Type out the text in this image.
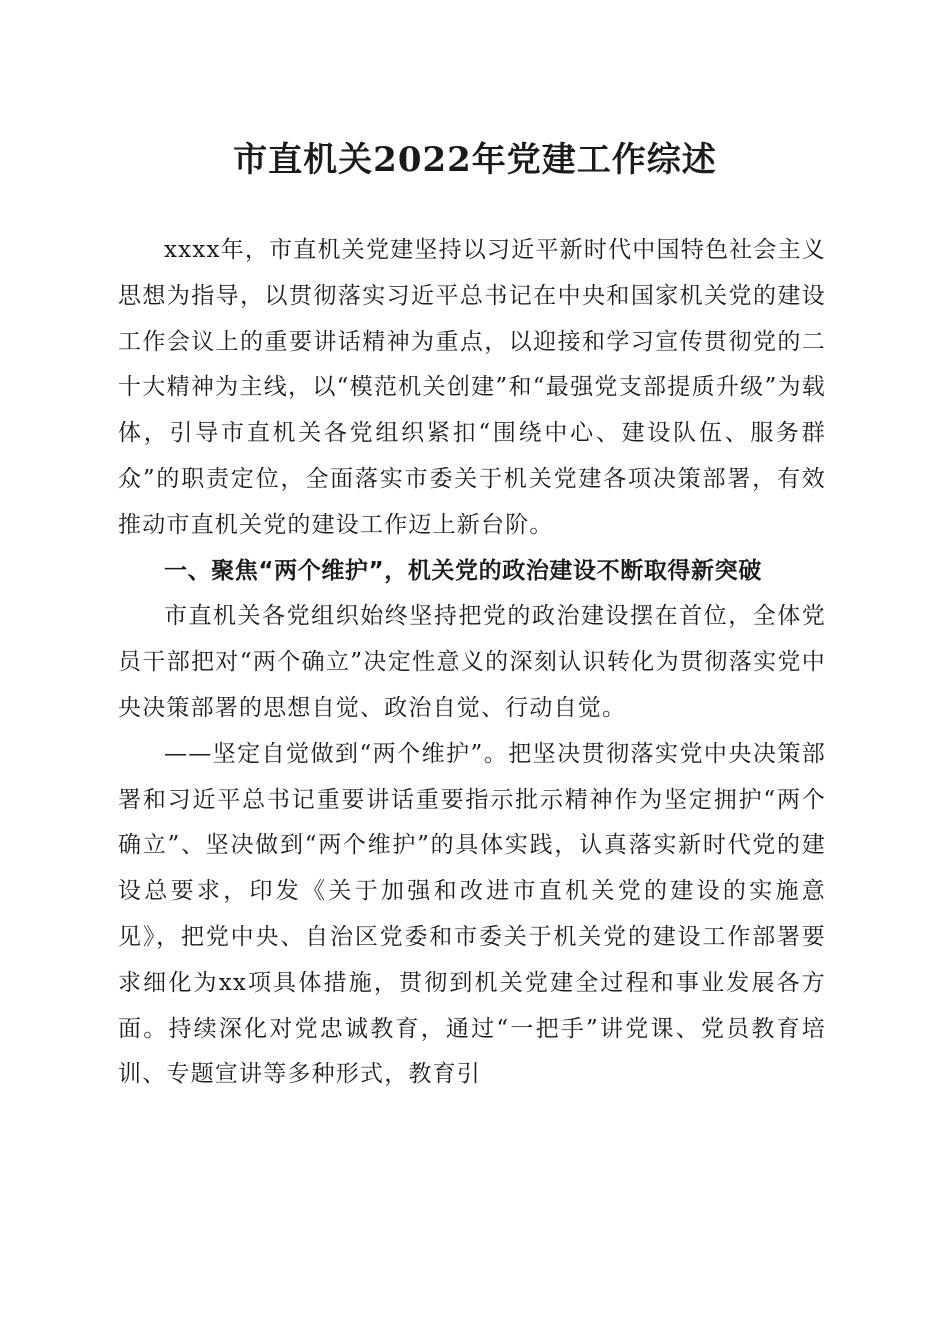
市直机关2022年党建工作综述

xxxx年，市直机关党建坚持以习近平新时代中国特色社会主义思想为指导，以贯彻落实习近平总书记在中央和国家机关党的建设工作会议上的重要讲话精神为重点，以迎接和学习宣传贯彻党的二十大精神为主线，以“模范机关创建”和“最强党支部提质升级”为载体，引导市直机关各党组织紧扣“围绕中心、建设队伍、服务群众”的职责定位，全面落实市委关于机关党建各项决策部署，有效推动市直机关党的建设工作迈上新台阶。

一、聚焦“两个维护”，机关党的政治建设不断取得新突破

市直机关各党组织始终坚持把党的政治建设摆在首位，全体党员干部把对“两个确立”决定性意义的深刻认识转化为贯彻落实党中央决策部署的思想自觉、政治自觉、行动自觉。

——坚定自觉做到“两个维护”。把坚决贯彻落实党中央决策部署和习近平总书记重要讲话重要指示批示精神作为坚定拥护“两个确立”、坚决做到“两个维护”的具体实践，认真落实新时代党的建设总要求，印发《关于加强和改进市直机关党的建设的实施意见》，把党中央、自治区党委和市委关于机关党的建设工作部署要求细化为xx项具体措施，贯彻到机关党建全过程和事业发展各方面。持续深化对党忠诚教育，通过“一把手”讲党课、党员教育培训、专题宣讲等多种形式，教育引
